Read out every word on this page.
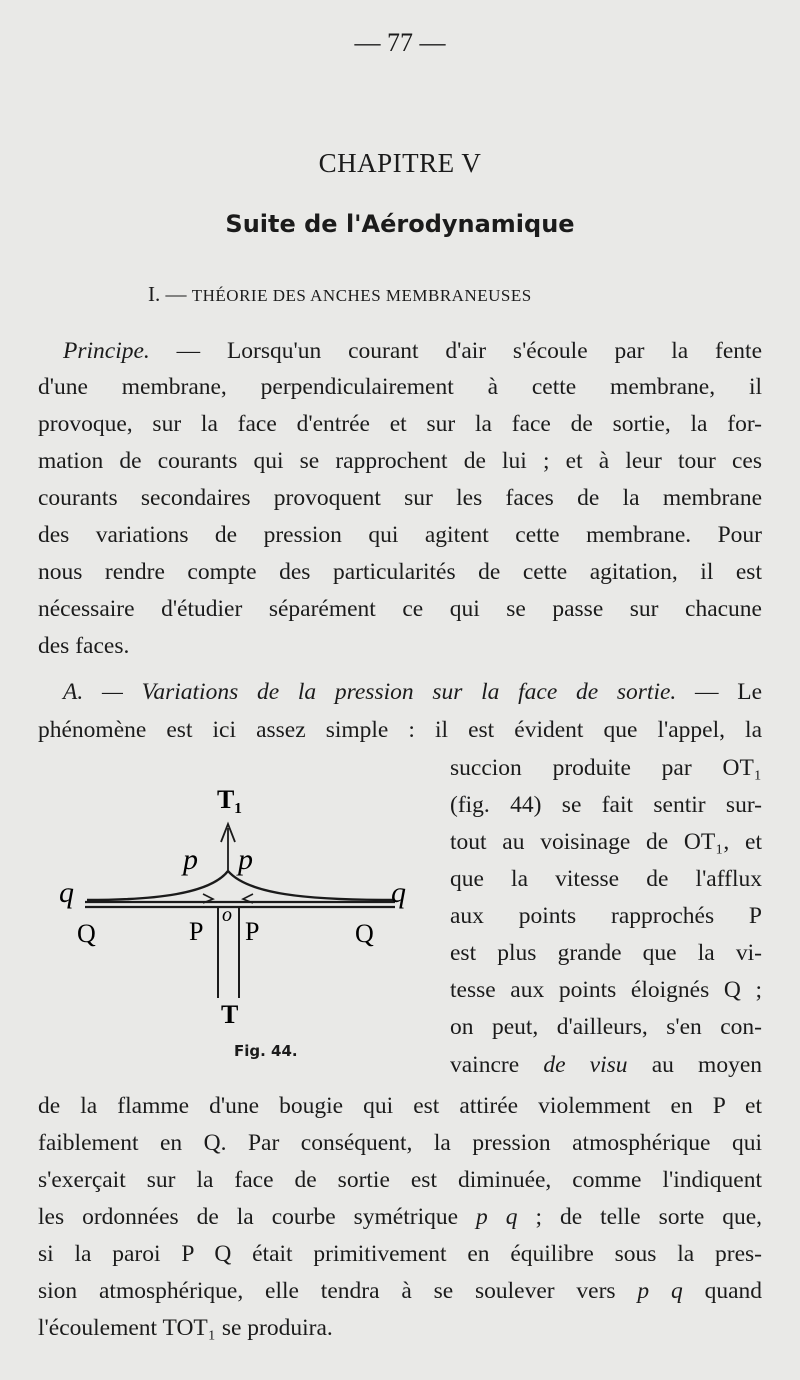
— 77 —
CHAPITRE V
Suite de l'Aérodynamique
I. — THÉORIE DES ANCHES MEMBRANEUSES
Principe. — Lorsqu'un courant d'air s'écoule par la fente
d'une membrane, perpendiculairement à cette membrane, il
provoque, sur la face d'entrée et sur la face de sortie, la for-
mation de courants qui se rapprochent de lui ; et à leur tour ces
courants secondaires provoquent sur les faces de la membrane
des variations de pression qui agitent cette membrane. Pour
nous rendre compte des particularités de cette agitation, il est
nécessaire d'étudier séparément ce qui se passe sur chacune
des faces.
A. — Variations de la pression sur la face de sortie. — Le
phénomène est ici assez simple : il est évident que l'appel, la
succion produite par OT₁
(fig. 44) se fait sentir sur-
tout au voisinage de OT₁, et
que la vitesse de l'afflux
aux points rapprochés P
est plus grande que la vi-
tesse aux points éloignés Q ;
on peut, d'ailleurs, s'en con-
vaincre de visu au moyen
de la flamme d'une bougie qui est attirée violemment en P et
faiblement en Q. Par conséquent, la pression atmosphérique qui
s'exerçait sur la face de sortie est diminuée, comme l'indiquent
les ordonnées de la courbe symétrique p q ; de telle sorte que,
si la paroi P Q était primitivement en équilibre sous la pres-
sion atmosphérique, elle tendra à se soulever vers p q quand
l'écoulement TOT₁ se produira.
T₁
p p
q	q
o
Q	P P	Q
T
Fig. 44.
